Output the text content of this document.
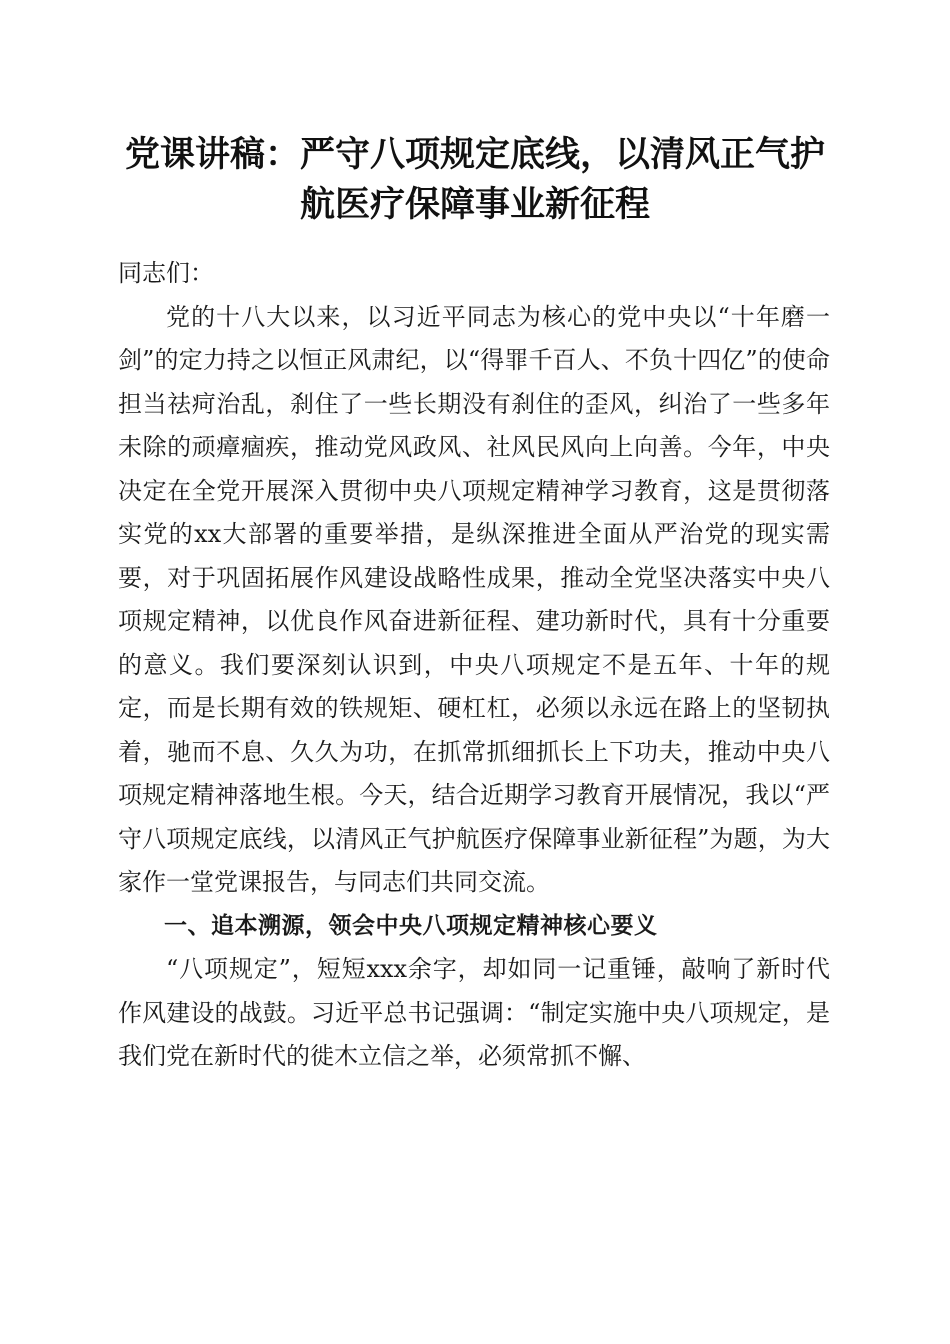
党课讲稿：严守八项规定底线，以清风正气护
航医疗保障事业新征程

同志们：

党的十八大以来，以习近平同志为核心的党中央以“十年磨一剑”的定力持之以恒正风肃纪，以“得罪千百人、不负十四亿”的使命担当祛疴治乱，刹住了一些长期没有刹住的歪风，纠治了一些多年未除的顽瘴痼疾，推动党风政风、社风民风向上向善。今年，中央决定在全党开展深入贯彻中央八项规定精神学习教育，这是贯彻落实党的xx大部署的重要举措，是纵深推进全面从严治党的现实需要，对于巩固拓展作风建设战略性成果，推动全党坚决落实中央八项规定精神，以优良作风奋进新征程、建功新时代，具有十分重要的意义。我们要深刻认识到，中央八项规定不是五年、十年的规定，而是长期有效的铁规矩、硬杠杠，必须以永远在路上的坚韧执着，驰而不息、久久为功，在抓常抓细抓长上下功夫，推动中央八项规定精神落地生根。今天，结合近期学习教育开展情况，我以“严守八项规定底线，以清风正气护航医疗保障事业新征程”为题，为大家作一堂党课报告，与同志们共同交流。

一、追本溯源，领会中央八项规定精神核心要义

“八项规定”，短短xxx余字，却如同一记重锤，敲响了新时代作风建设的战鼓。习近平总书记强调：“制定实施中央八项规定，是我们党在新时代的徙木立信之举，必须常抓不懈、
